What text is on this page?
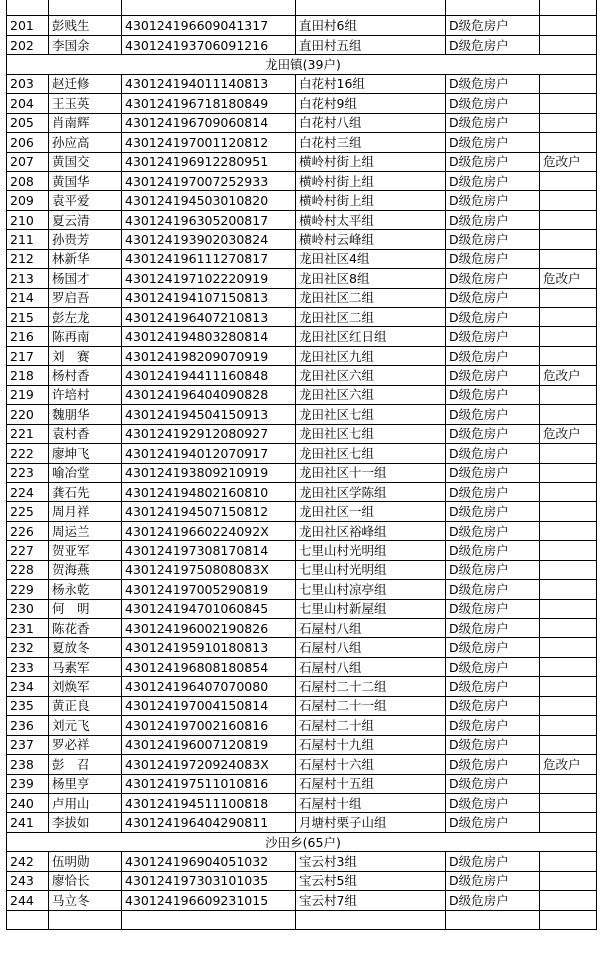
201	彭贱生	430124196609041317	直田村6组	D级危房户	
202	李国余	430124193706091216	直田村五组	D级危房户	
龙田镇(39户)					
203	赵迁修	430124194011140813	白花村16组	D级危房户	
204	王玉英	430124196718180849	白花村9组	D级危房户	
205	肖南辉	430124196709060814	白花村八组	D级危房户	
206	孙应高	430124197001120812	白花村三组	D级危房户	
207	黄国交	430124196912280951	横岭村街上组	D级危房户	危改户
208	黄国华	430124197007252933	横岭村街上组	D级危房户	
209	袁平爱	430124194503010820	横岭村街上组	D级危房户	
210	夏云清	430124196305200817	横岭村太平组	D级危房户	
211	孙贵芳	430124193902030824	横岭村云峰组	D级危房户	
212	林新华	430124196111270817	龙田社区4组	D级危房户	
213	杨国才	430124197102220919	龙田社区8组	D级危房户	危改户
214	罗启吾	430124194107150813	龙田社区二组	D级危房户	
215	彭左龙	430124196407210813	龙田社区二组	D级危房户	
216	陈再南	430124194803280814	龙田社区红日组	D级危房户	
217	刘　赛	430124198209070919	龙田社区九组	D级危房户	
218	杨村香	430124194411160848	龙田社区六组	D级危房户	危改户
219	许培村	430124196404090828	龙田社区六组	D级危房户	
220	魏朋华	430124194504150913	龙田社区七组	D级危房户	
221	袁村香	430124192912080927	龙田社区七组	D级危房户	危改户
222	廖坤飞	430124194012070917	龙田社区七组	D级危房户	
223	喻冶堂	430124193809210919	龙田社区十一组	D级危房户	
224	龚石先	430124194802160810	龙田社区学陈组	D级危房户	
225	周月祥	430124194507150812	龙田社区一组	D级危房户	
226	周运兰	43012419660224092X	龙田社区裕峰组	D级危房户	
227	贺亚军	430124197308170814	七里山村光明组	D级危房户	
228	贺海燕	43012419750808083X	七里山村光明组	D级危房户	
229	杨永乾	430124197005290819	七里山村凉亭组	D级危房户	
230	何　明	430124194701060845	七里山村新屋组	D级危房户	
231	陈花香	430124196002190826	石屋村八组	D级危房户	
232	夏放冬	430124195910180813	石屋村八组	D级危房户	
233	马素军	430124196808180854	石屋村八组	D级危房户	
234	刘焕军	430124196407070080	石屋村二十二组	D级危房户	
235	黄正良	430124197004150814	石屋村二十一组	D级危房户	
236	刘元飞	430124197002160816	石屋村二十组	D级危房户	
237	罗必祥	430124196007120819	石屋村十九组	D级危房户	
238	彭　召	43012419720924083X	石屋村十六组	D级危房户	危改户
239	杨里亨	430124197511010816	石屋村十五组	D级危房户	
240	卢用山	430124194511100818	石屋村十组	D级危房户	
241	李拔如	430124196404290811	月塘村栗子山组	D级危房户	
沙田乡(65户)					
242	伍明勋	430124196904051032	宝云村3组	D级危房户	
243	廖恰长	430124197303101035	宝云村5组	D级危房户	
244	马立冬	430124196609231015	宝云村7组	D级危房户	
